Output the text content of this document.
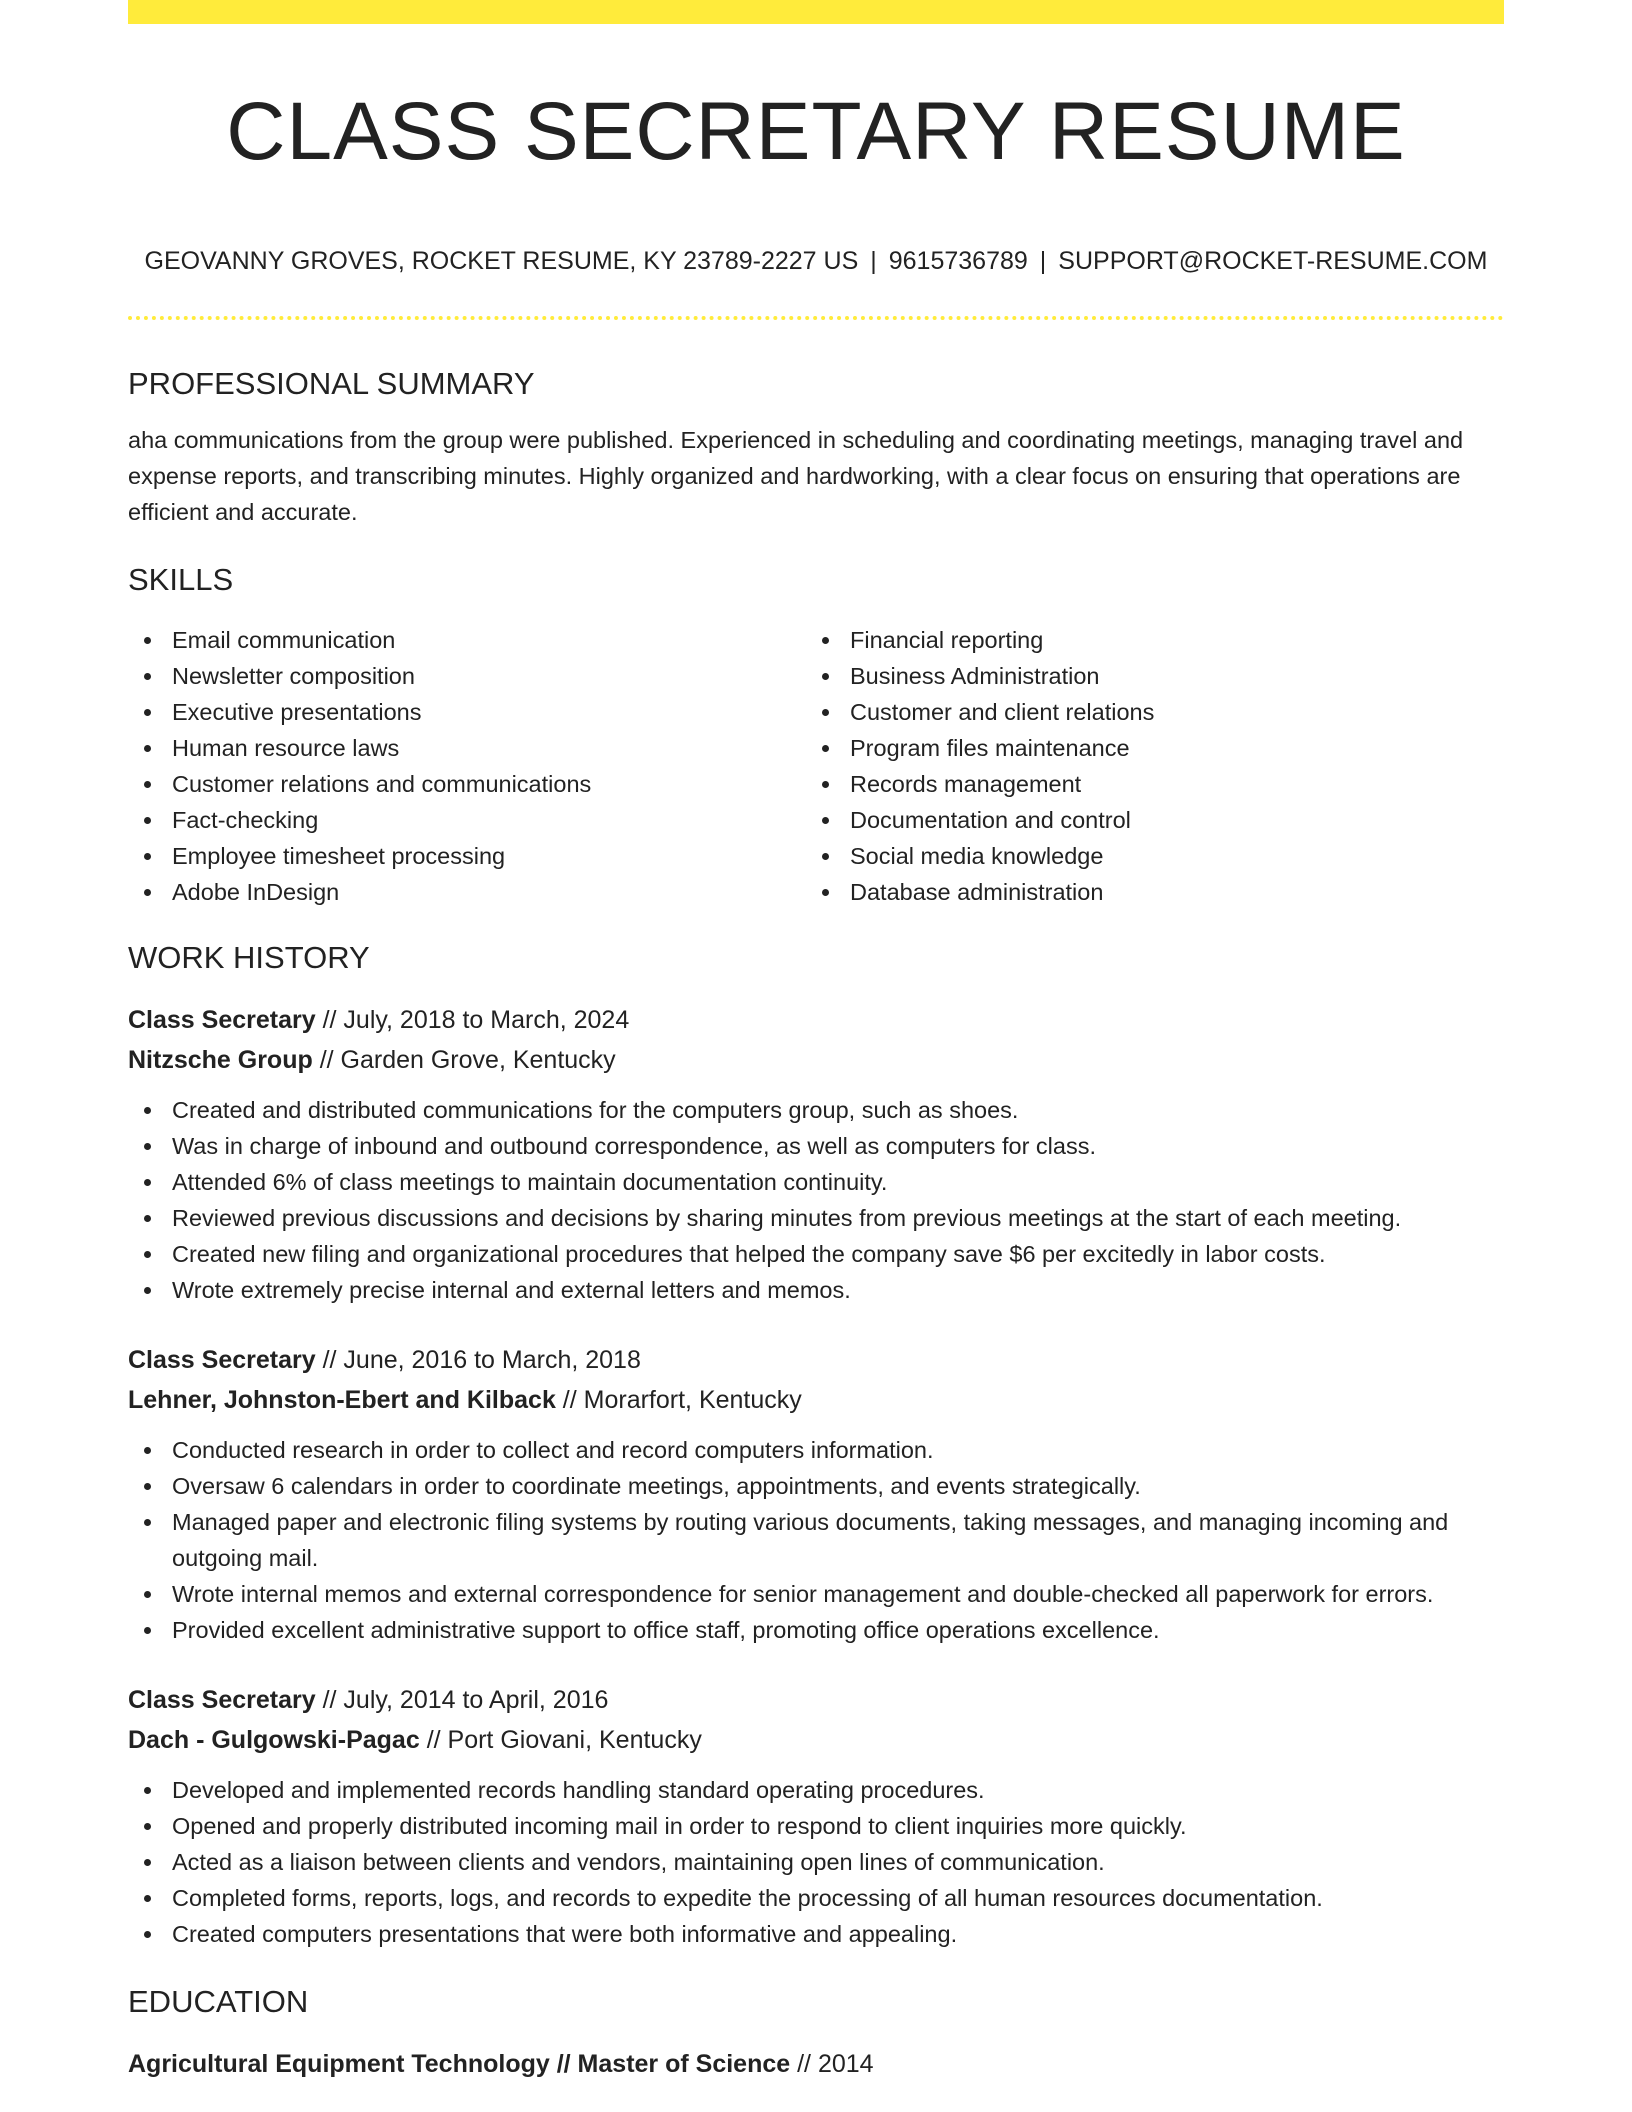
CLASS SECRETARY RESUME
GEOVANNY GROVES, ROCKET RESUME, KY 23789-2227 US | 9615736789 | SUPPORT@ROCKET-RESUME.COM
PROFESSIONAL SUMMARY

aha communications from the group were published. Experienced in scheduling and coordinating meetings, managing travel and expense reports, and transcribing minutes. Highly organized and hardworking, with a clear focus on ensuring that operations are efficient and accurate.

SKILLS
Email communication
Newsletter composition
Executive presentations
Human resource laws
Customer relations and communications
Fact-checking
Employee timesheet processing
Adobe InDesign
Financial reporting
Business Administration
Customer and client relations
Program files maintenance
Records management
Documentation and control
Social media knowledge
Database administration
WORK HISTORY
Class Secretary // July, 2018 to March, 2024
Nitzsche Group // Garden Grove, Kentucky
Created and distributed communications for the computers group, such as shoes.
Was in charge of inbound and outbound correspondence, as well as computers for class.
Attended 6% of class meetings to maintain documentation continuity.
Reviewed previous discussions and decisions by sharing minutes from previous meetings at the start of each meeting.
Created new filing and organizational procedures that helped the company save $6 per excitedly in labor costs.
Wrote extremely precise internal and external letters and memos.
Class Secretary // June, 2016 to March, 2018
Lehner, Johnston-Ebert and Kilback // Morarfort, Kentucky
Conducted research in order to collect and record computers information.
Oversaw 6 calendars in order to coordinate meetings, appointments, and events strategically.
Managed paper and electronic filing systems by routing various documents, taking messages, and managing incoming and outgoing mail.
Wrote internal memos and external correspondence for senior management and double-checked all paperwork for errors.
Provided excellent administrative support to office staff, promoting office operations excellence.
Class Secretary // July, 2014 to April, 2016
Dach - Gulgowski-Pagac // Port Giovani, Kentucky
Developed and implemented records handling standard operating procedures.
Opened and properly distributed incoming mail in order to respond to client inquiries more quickly.
Acted as a liaison between clients and vendors, maintaining open lines of communication.
Completed forms, reports, logs, and records to expedite the processing of all human resources documentation.
Created computers presentations that were both informative and appealing.
EDUCATION
Agricultural Equipment Technology // Master of Science // 2014
